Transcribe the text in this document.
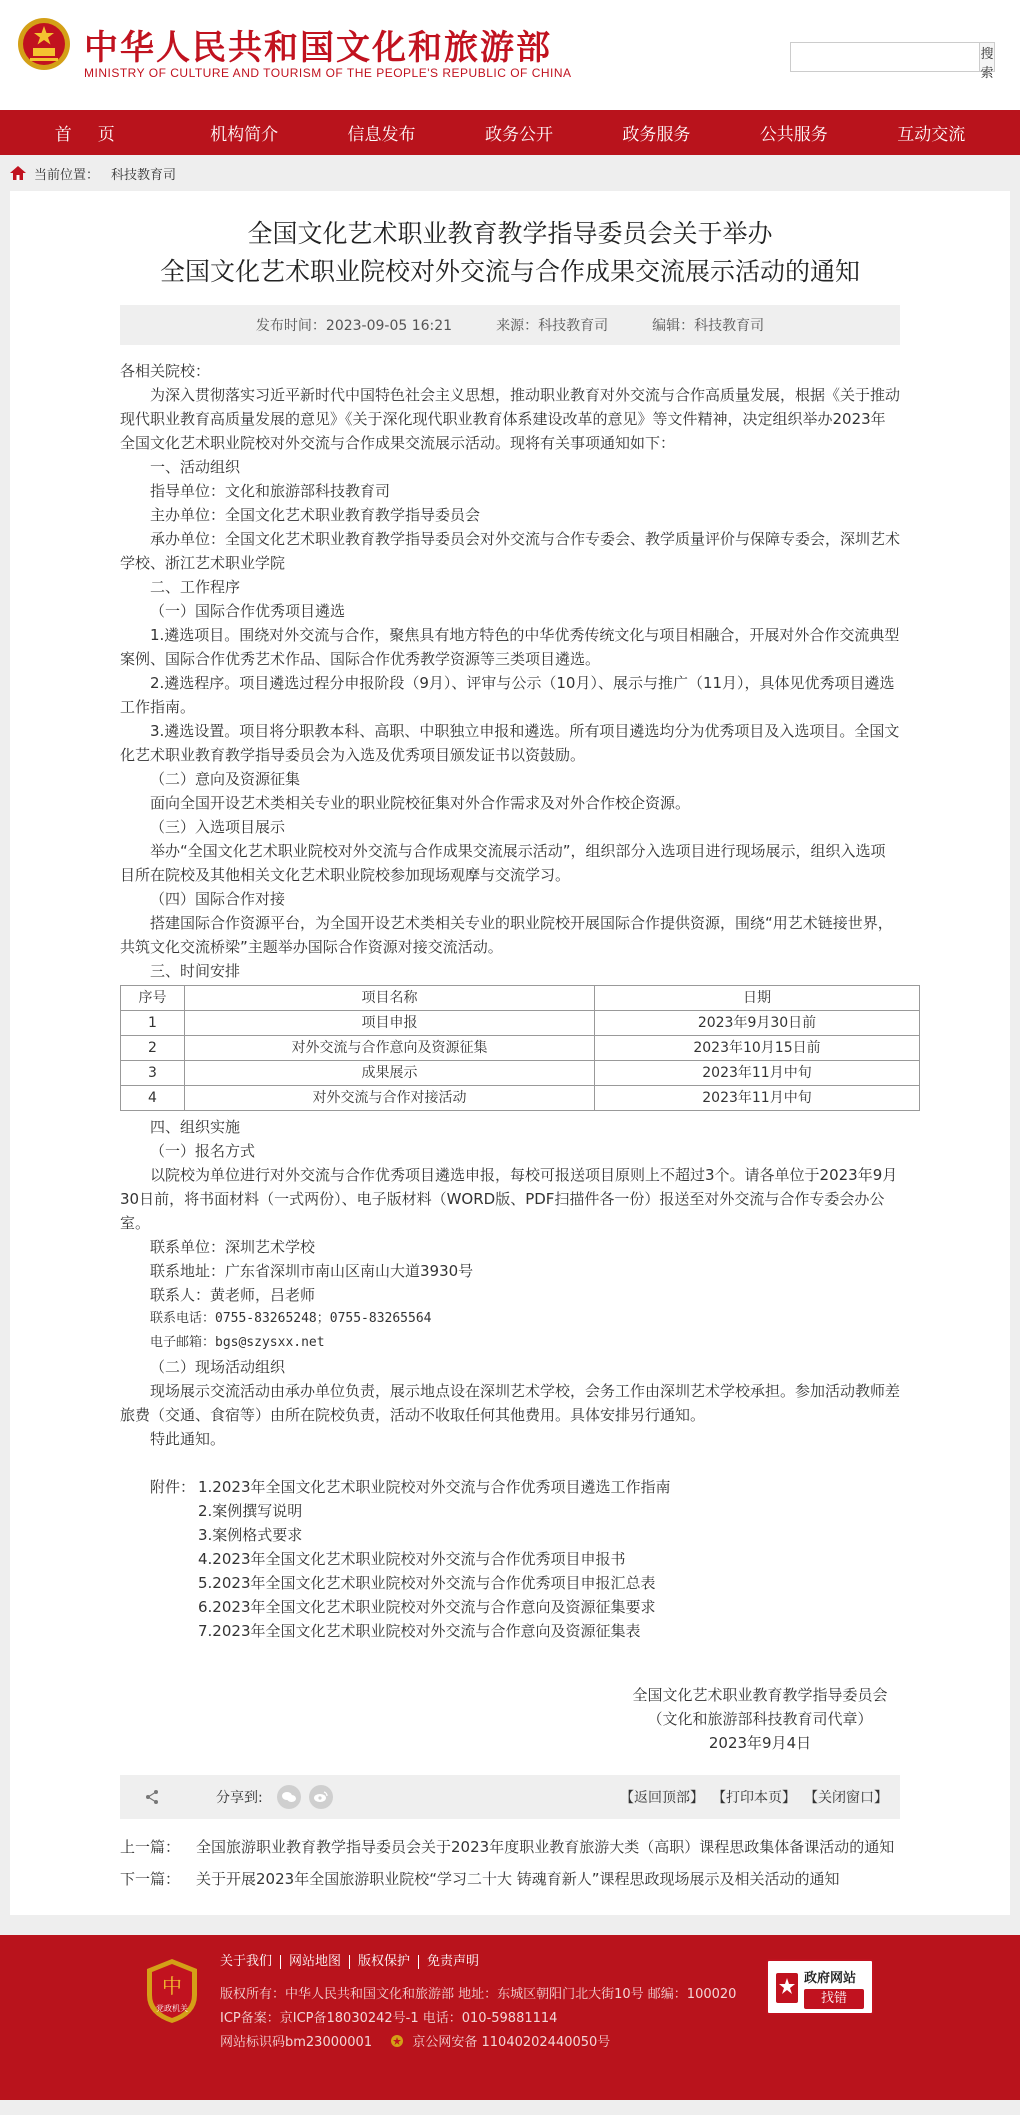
中华人民共和国文化和旅游部
MINISTRY OF CULTURE AND TOURISM OF THE PEOPLE'S REPUBLIC OF CHINA
搜索
首页	机构简介	信息发布	政务公开	政务服务	公共服务	互动交流
当前位置： 科技教育司
全国文化艺术职业教育教学指导委员会关于举办
全国文化艺术职业院校对外交流与合作成果交流展示活动的通知
发布时间：2023-09-05 16:21	来源：科技教育司	编辑：科技教育司

各相关院校：

为深入贯彻落实习近平新时代中国特色社会主义思想，推动职业教育对外交流与合作高质量发展，根据《关于推动现代职业教育高质量发展的意见》《关于深化现代职业教育体系建设改革的意见》等文件精神，决定组织举办2023年全国文化艺术职业院校对外交流与合作成果交流展示活动。现将有关事项通知如下：

一、活动组织

指导单位：文化和旅游部科技教育司

主办单位：全国文化艺术职业教育教学指导委员会

承办单位：全国文化艺术职业教育教学指导委员会对外交流与合作专委会、教学质量评价与保障专委会，深圳艺术学校、浙江艺术职业学院

二、工作程序

（一）国际合作优秀项目遴选

1.遴选项目。围绕对外交流与合作，聚焦具有地方特色的中华优秀传统文化与项目相融合，开展对外合作交流典型案例、国际合作优秀艺术作品、国际合作优秀教学资源等三类项目遴选。

2.遴选程序。项目遴选过程分申报阶段（9月）、评审与公示（10月）、展示与推广（11月），具体见优秀项目遴选工作指南。

3.遴选设置。项目将分职教本科、高职、中职独立申报和遴选。所有项目遴选均分为优秀项目及入选项目。全国文化艺术职业教育教学指导委员会为入选及优秀项目颁发证书以资鼓励。

（二）意向及资源征集

面向全国开设艺术类相关专业的职业院校征集对外合作需求及对外合作校企资源。

（三）入选项目展示

举办“全国文化艺术职业院校对外交流与合作成果交流展示活动”，组织部分入选项目进行现场展示，组织入选项目所在院校及其他相关文化艺术职业院校参加现场观摩与交流学习。

（四）国际合作对接

搭建国际合作资源平台，为全国开设艺术类相关专业的职业院校开展国际合作提供资源，围绕“用艺术链接世界，共筑文化交流桥梁”主题举办国际合作资源对接交流活动。

三、时间安排

序号	项目名称	日期
1	项目申报	2023年9月30日前
2	对外交流与合作意向及资源征集	2023年10月15日前
3	成果展示	2023年11月中旬
4	对外交流与合作对接活动	2023年11月中旬

四、组织实施

（一）报名方式

以院校为单位进行对外交流与合作优秀项目遴选申报，每校可报送项目原则上不超过3个。请各单位于2023年9月30日前，将书面材料（一式两份）、电子版材料（WORD版、PDF扫描件各一份）报送至对外交流与合作专委会办公室。

联系单位：深圳艺术学校

联系地址：广东省深圳市南山区南山大道3930号

联系人：黄老师，吕老师

联系电话：0755-83265248；0755-83265564

电子邮箱：bgs@szysxx.net

（二）现场活动组织

现场展示交流活动由承办单位负责，展示地点设在深圳艺术学校，会务工作由深圳艺术学校承担。参加活动教师差旅费（交通、食宿等）由所在院校负责，活动不收取任何其他费用。具体安排另行通知。

特此通知。

附件： 1.2023年全国文化艺术职业院校对外交流与合作优秀项目遴选工作指南
2.案例撰写说明
3.案例格式要求
4.2023年全国文化艺术职业院校对外交流与合作优秀项目申报书
5.2023年全国文化艺术职业院校对外交流与合作优秀项目申报汇总表
6.2023年全国文化艺术职业院校对外交流与合作意向及资源征集要求
7.2023年全国文化艺术职业院校对外交流与合作意向及资源征集表

全国文化艺术职业教育教学指导委员会

（文化和旅游部科技教育司代章）

2023年9月4日

分享到:	【返回顶部】 【打印本页】 【关闭窗口】

上一篇： 全国旅游职业教育教学指导委员会关于2023年度职业教育旅游大类（高职）课程思政集体备课活动的通知

下一篇： 关于开展2023年全国旅游职业院校“学习二十大 铸魂育新人”课程思政现场展示及相关活动的通知

中
党政机关
关于我们	网站地图	版权保护	免责声明
版权所有：中华人民共和国文化和旅游部 地址：东城区朝阳门北大街10号 邮编：100020
ICP备案：京ICP备18030242号-1 电话：010-59881114
网站标识码bm23000001	京公网安备 11040202440050号
政府网站
找错
